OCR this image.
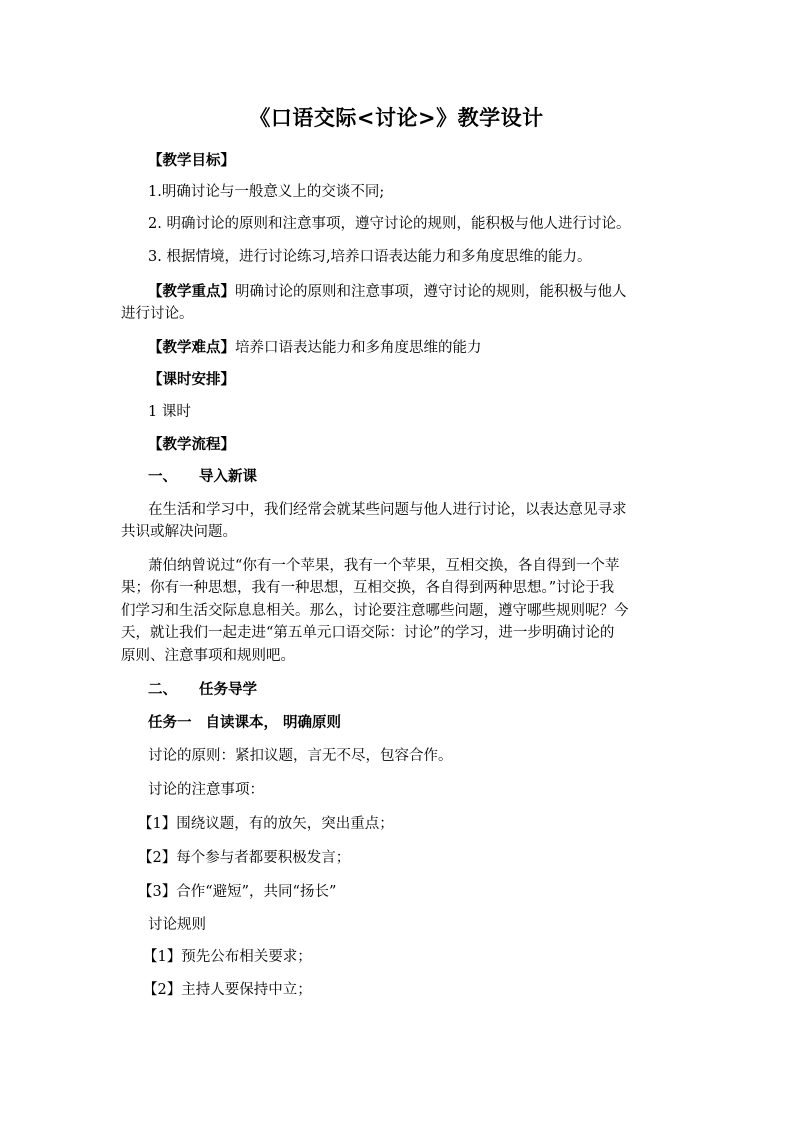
《口语交际<讨论>》教学设计
【教学目标】
1.明确讨论与一般意义上的交谈不同;
2. 明确讨论的原则和注意事项，遵守讨论的规则，能积极与他人进行讨论。
3. 根据情境，进行讨论练习,培养口语表达能力和多角度思维的能力。
【教学重点】明确讨论的原则和注意事项，遵守讨论的规则，能积极与他人
进行讨论。
【教学难点】培养口语表达能力和多角度思维的能力
【课时安排】
1 课时
【教学流程】
一、 导入新课
在生活和学习中，我们经常会就某些问题与他人进行讨论，以表达意见寻求
共识或解决问题。
萧伯纳曾说过“你有一个苹果，我有一个苹果，互相交换，各自得到一个苹
果；你有一种思想，我有一种思想，互相交换，各自得到两种思想。”讨论于我
们学习和生活交际息息相关。那么，讨论要注意哪些问题，遵守哪些规则呢？今
天，就让我们一起走进“第五单元口语交际：讨论”的学习，进一步明确讨论的
原则、注意事项和规则吧。
二、 任务导学
任务一 自读课本， 明确原则
讨论的原则：紧扣议题，言无不尽，包容合作。
讨论的注意事项：
【1】围绕议题，有的放矢，突出重点；
【2】每个参与者都要积极发言；
【3】合作“避短”，共同“扬长”
讨论规则
【1】预先公布相关要求；
【2】主持人要保持中立；
